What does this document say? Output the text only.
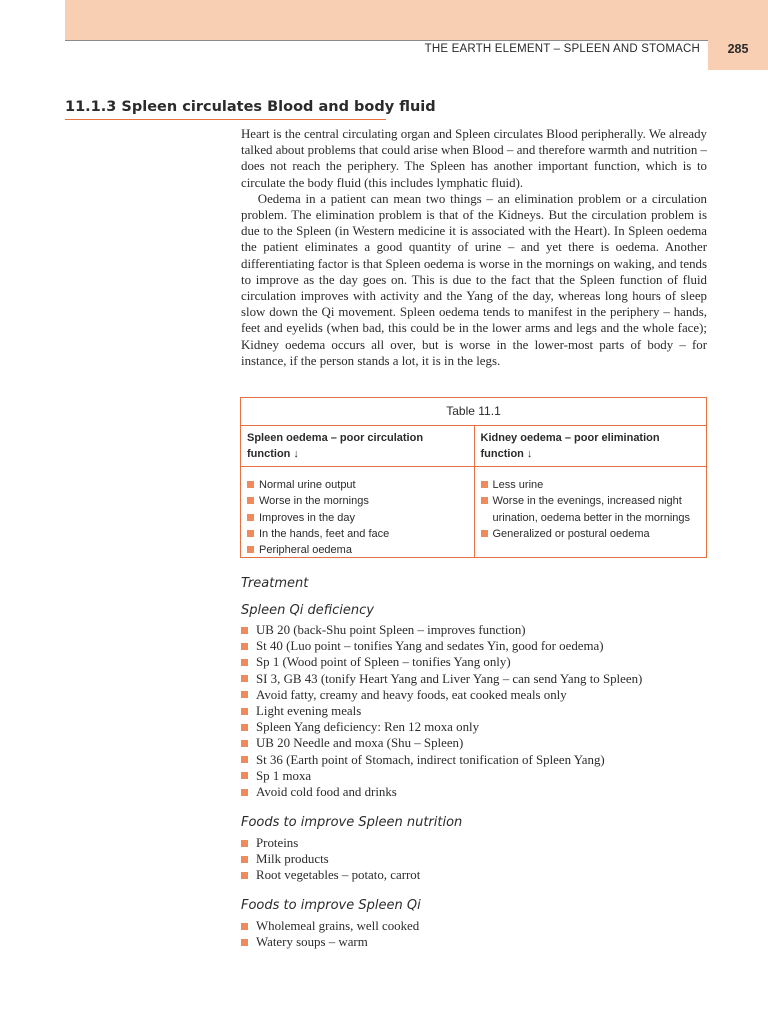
THE EARTH ELEMENT – SPLEEN AND STOMACH	285
11.1.3 Spleen circulates Blood and body fluid

Heart is the central circulating organ and Spleen circulates Blood peripherally. We already talked about problems that could arise when Blood – and therefore warmth and nutrition – does not reach the periphery. The Spleen has another important function, which is to circulate the body fluid (this includes lymphatic fluid).

Oedema in a patient can mean two things – an elimination problem or a circulation problem. The elimination problem is that of the Kidneys. But the circulation problem is due to the Spleen (in Western medicine it is associated with the Heart). In Spleen oedema the patient eliminates a good quantity of urine – and yet there is oedema. Another differentiating factor is that Spleen oedema is worse in the mornings on waking, and tends to improve as the day goes on. This is due to the fact that the Spleen function of fluid circulation improves with activity and the Yang of the day, whereas long hours of sleep slow down the Qi movement. Spleen oedema tends to manifest in the periphery – hands, feet and eyelids (when bad, this could be in the lower arms and legs and the whole face); Kidney oedema occurs all over, but is worse in the lower-most parts of body – for instance, if the person stands a lot, it is in the legs.

Table 11.1
Spleen oedema – poor circulation function ↓
Kidney oedema – poor elimination function ↓
Normal urine output
Worse in the mornings
Improves in the day
In the hands, feet and face
Peripheral oedema
Less urine
Worse in the evenings, increased night urination, oedema better in the mornings
Generalized or postural oedema
Treatment
Spleen Qi deficiency
UB 20 (back-Shu point Spleen – improves function)
St 40 (Luo point – tonifies Yang and sedates Yin, good for oedema)
Sp 1 (Wood point of Spleen – tonifies Yang only)
SI 3, GB 43 (tonify Heart Yang and Liver Yang – can send Yang to Spleen)
Avoid fatty, creamy and heavy foods, eat cooked meals only
Light evening meals
Spleen Yang deficiency: Ren 12 moxa only
UB 20 Needle and moxa (Shu – Spleen)
St 36 (Earth point of Stomach, indirect tonification of Spleen Yang)
Sp 1 moxa
Avoid cold food and drinks
Foods to improve Spleen nutrition
Proteins
Milk products
Root vegetables – potato, carrot
Foods to improve Spleen Qi
Wholemeal grains, well cooked
Watery soups – warm
